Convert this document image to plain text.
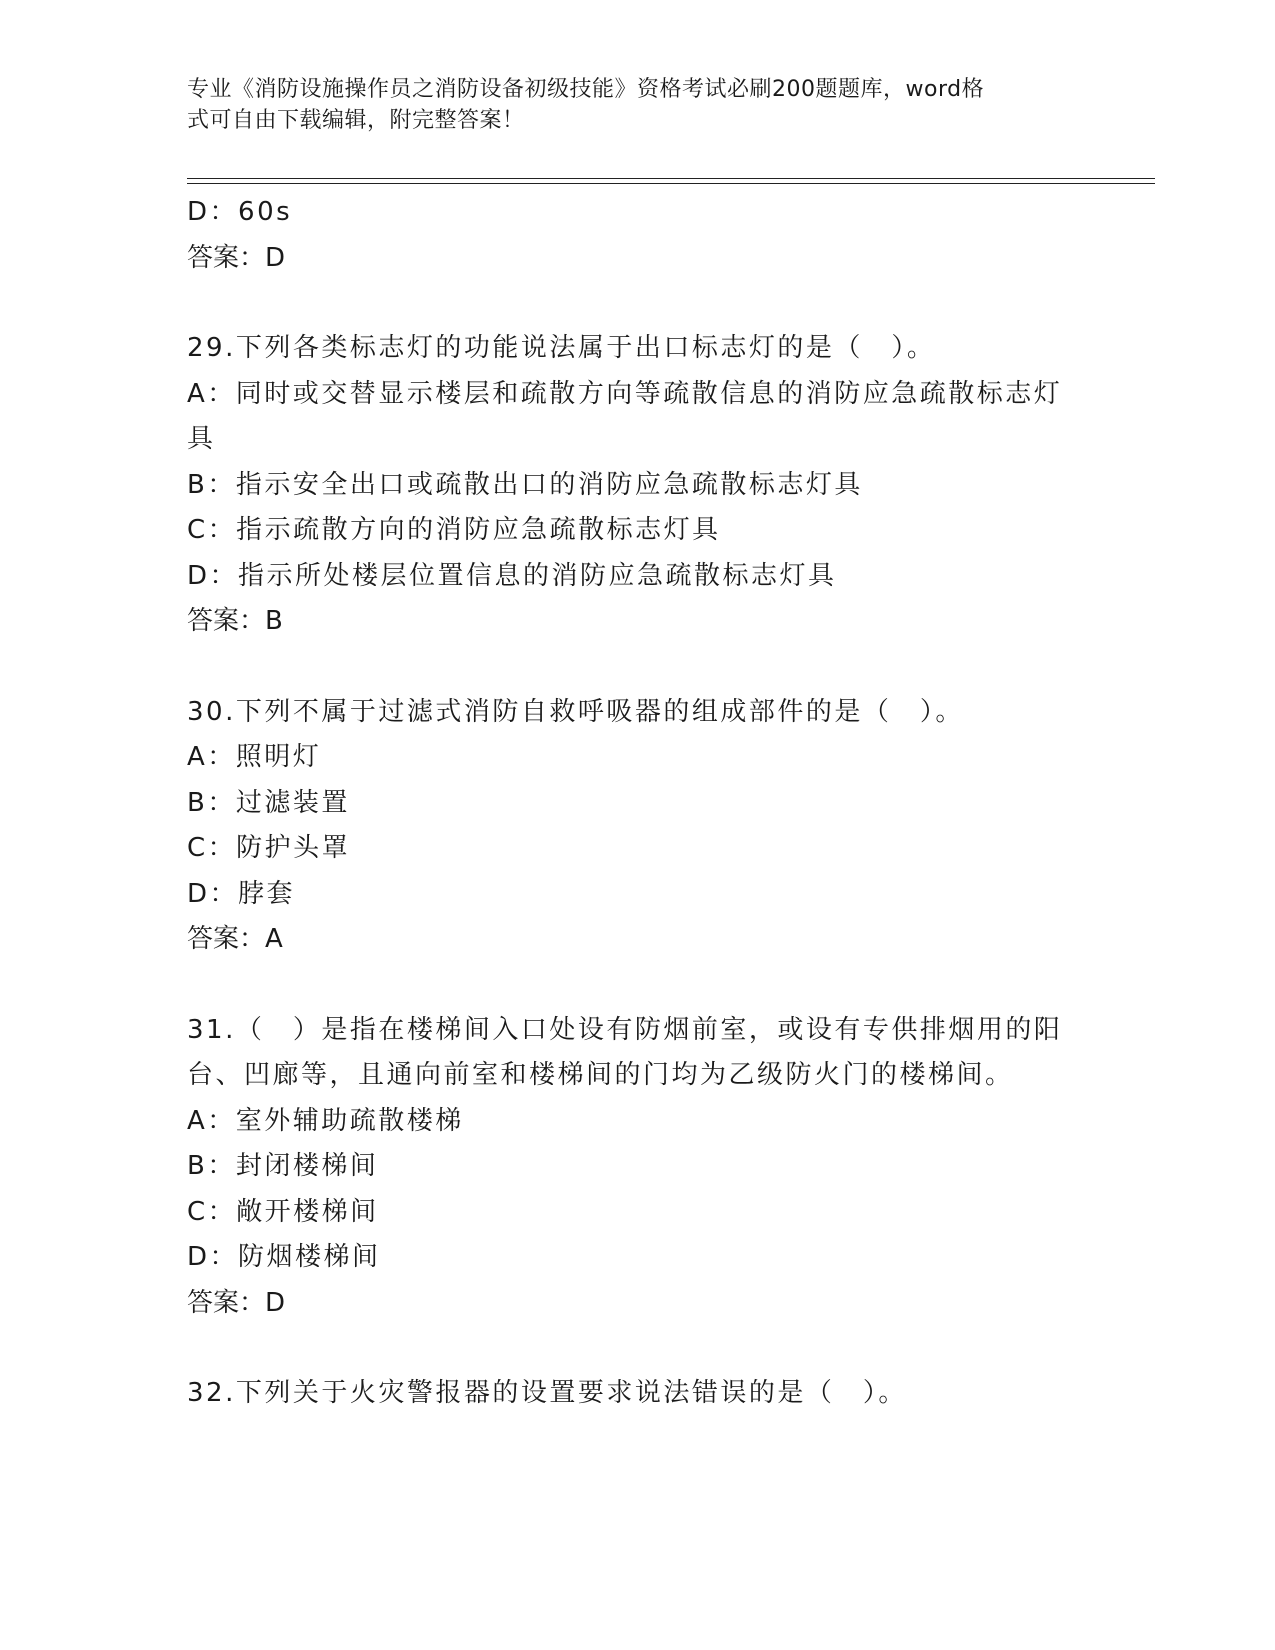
专业《消防设施操作员之消防设备初级技能》资格考试必刷200题题库，word格
式可自由下载编辑，附完整答案！
D：60s
答案：D
29.下列各类标志灯的功能说法属于出口标志灯的是（　）。
A：同时或交替显示楼层和疏散方向等疏散信息的消防应急疏散标志灯
具
B：指示安全出口或疏散出口的消防应急疏散标志灯具
C：指示疏散方向的消防应急疏散标志灯具
D：指示所处楼层位置信息的消防应急疏散标志灯具
答案：B
30.下列不属于过滤式消防自救呼吸器的组成部件的是（　）。
A：照明灯
B：过滤装置
C：防护头罩
D：脖套
答案：A
31.（　）是指在楼梯间入口处设有防烟前室，或设有专供排烟用的阳
台、凹廊等，且通向前室和楼梯间的门均为乙级防火门的楼梯间。
A：室外辅助疏散楼梯
B：封闭楼梯间
C：敞开楼梯间
D：防烟楼梯间
答案：D
32.下列关于火灾警报器的设置要求说法错误的是（　）。
